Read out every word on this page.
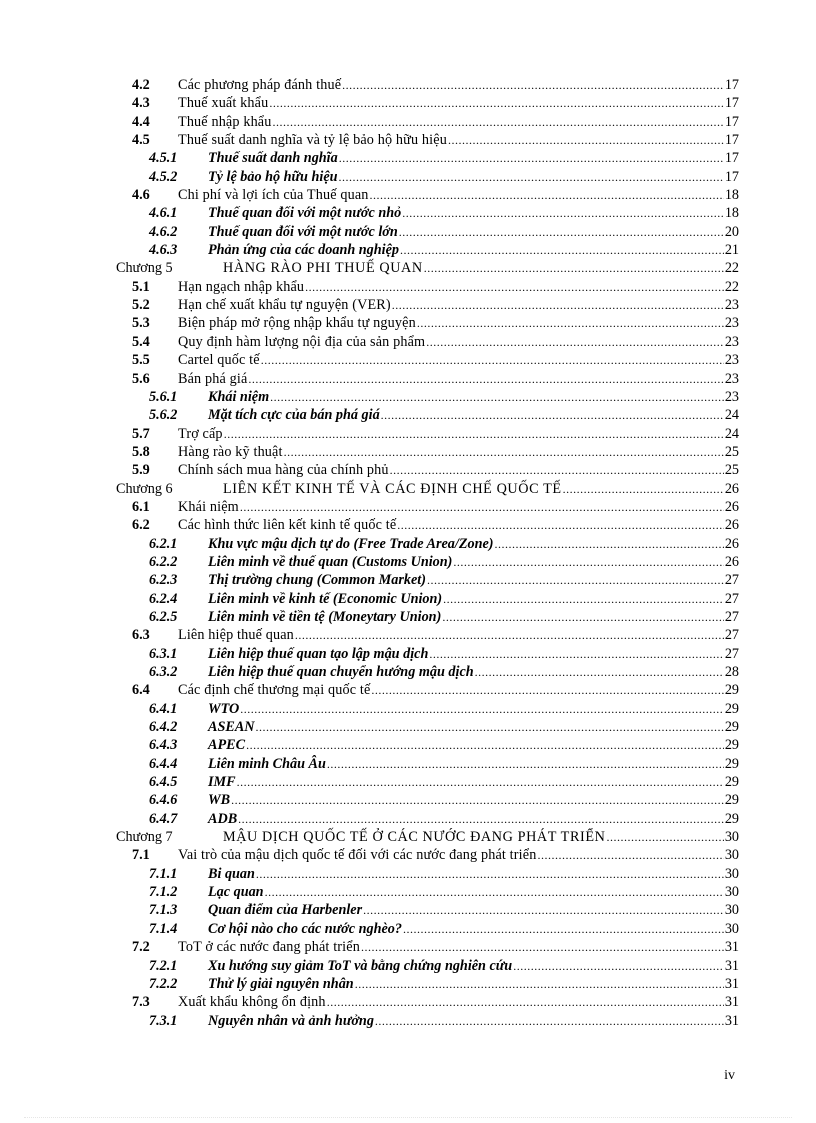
4.2	Các phương pháp đánh thuế .....	17
4.3	Thuế xuất khẩu .....	17
4.4	Thuế nhập khẩu .....	17
4.5	Thuế suất danh nghĩa và tỷ lệ bảo hộ hữu hiệu .....	17
4.5.1	Thuế suất danh nghĩa .....	17
4.5.2	Tỷ lệ bảo hộ hữu hiệu .....	17
4.6	Chi phí và lợi ích của Thuế quan .....	18
4.6.1	Thuế quan đối với một nước nhỏ .....	18
4.6.2	Thuế quan đối với một nước lớn .....	20
4.6.3	Phản ứng của các doanh nghiệp .....	21
Chương 5	HÀNG RÀO PHI THUẾ QUAN .....	22
5.1	Hạn ngạch nhập khẩu .....	22
5.2	Hạn chế xuất khẩu tự nguyện (VER) .....	23
5.3	Biện pháp mở rộng nhập khẩu tự nguyện .....	23
5.4	Quy định hàm lượng nội địa của sản phẩm .....	23
5.5	Cartel quốc tế .....	23
5.6	Bán phá giá .....	23
5.6.1	Khái niệm .....	23
5.6.2	Mặt tích cực của bán phá giá .....	24
5.7	Trợ cấp .....	24
5.8	Hàng rào kỹ thuật .....	25
5.9	Chính sách mua hàng của chính phủ .....	25
Chương 6	LIÊN KẾT KINH TẾ VÀ CÁC ĐỊNH CHẾ QUỐC TẾ .....	26
6.1	Khái niệm .....	26
6.2	Các hình thức liên kết kinh tế quốc tế .....	26
6.2.1	Khu vực mậu dịch tự do (Free Trade Area/Zone) .....	26
6.2.2	Liên minh về thuế quan (Customs Union) .....	26
6.2.3	Thị trường chung (Common Market) .....	27
6.2.4	Liên minh về kinh tế (Economic Union) .....	27
6.2.5	Liên minh về tiền tệ (Moneytary Union) .....	27
6.3	Liên hiệp thuế quan .....	27
6.3.1	Liên hiệp thuế quan tạo lập mậu dịch .....	27
6.3.2	Liên hiệp thuế quan chuyển hướng mậu dịch .....	28
6.4	Các định chế thương mại quốc tế .....	29
6.4.1	WTO .....	29
6.4.2	ASEAN .....	29
6.4.3	APEC .....	29
6.4.4	Liên minh Châu Âu .....	29
6.4.5	IMF .....	29
6.4.6	WB .....	29
6.4.7	ADB .....	29
Chương 7	MẬU DỊCH QUỐC TẾ Ở CÁC NƯỚC ĐANG PHÁT TRIỂN .....	30
7.1	Vai trò của mậu dịch quốc tế đối với các nước đang phát triển .....	30
7.1.1	Bi quan .....	30
7.1.2	Lạc quan .....	30
7.1.3	Quan điểm của Harbenler .....	30
7.1.4	Cơ hội nào cho các nước nghèo? .....	30
7.2	ToT ở các nước đang phát triển .....	31
7.2.1	Xu hướng suy giảm ToT và bằng chứng nghiên cứu .....	31
7.2.2	Thử lý giải nguyên nhân .....	31
7.3	Xuất khẩu không ổn định .....	31
7.3.1	Nguyên nhân và ảnh hưởng .....	31
iv
